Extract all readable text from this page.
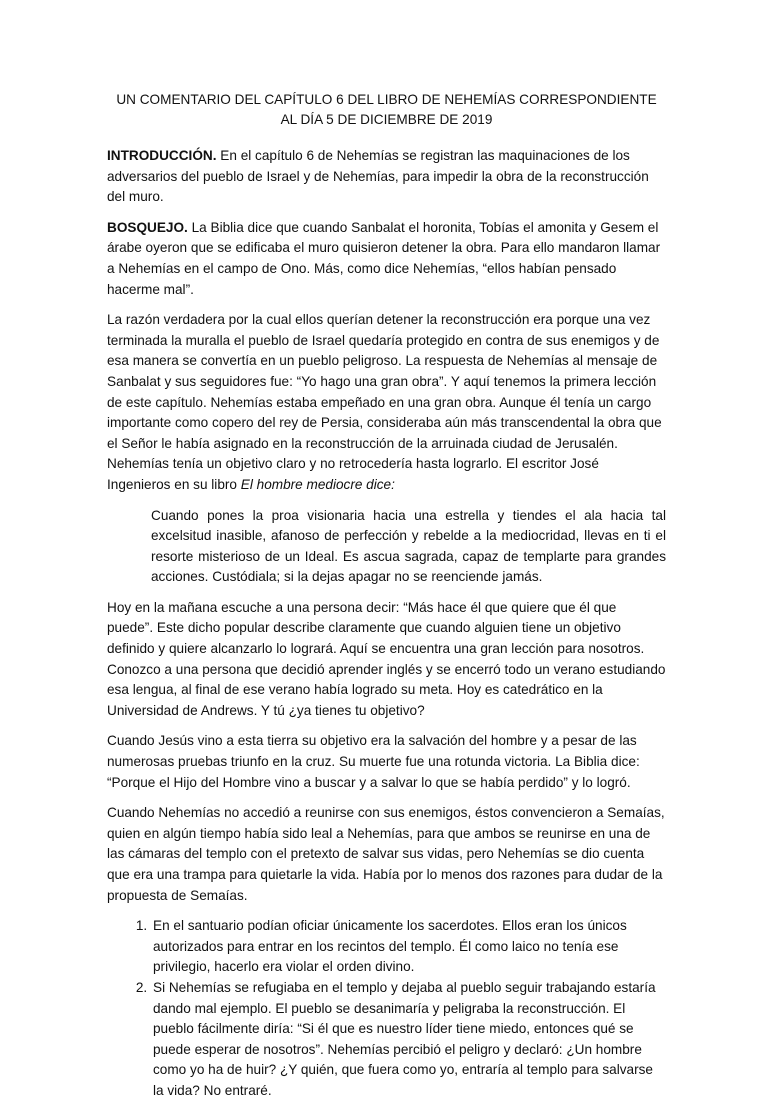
UN COMENTARIO DEL CAPÍTULO 6 DEL LIBRO DE NEHEMÍAS CORRESPONDIENTE AL DÍA 5 DE DICIEMBRE DE 2019

INTRODUCCIÓN. En el capítulo 6 de Nehemías se registran las maquinaciones de los adversarios del pueblo de Israel y de Nehemías, para impedir la obra de la reconstrucción del muro.

BOSQUEJO. La Biblia dice que cuando Sanbalat el horonita, Tobías el amonita y Gesem el árabe oyeron que se edificaba el muro quisieron detener la obra. Para ello mandaron llamar a Nehemías en el campo de Ono. Más, como dice Nehemías, “ellos habían pensado hacerme mal”.

La razón verdadera por la cual ellos querían detener la reconstrucción era porque una vez terminada la muralla el pueblo de Israel quedaría protegido en contra de sus enemigos y de esa manera se convertía en un pueblo peligroso. La respuesta de Nehemías al mensaje de Sanbalat y sus seguidores fue: “Yo hago una gran obra”. Y aquí tenemos la primera lección de este capítulo. Nehemías estaba empeñado en una gran obra. Aunque él tenía un cargo importante como copero del rey de Persia, consideraba aún más transcendental la obra que el Señor le había asignado en la reconstrucción de la arruinada ciudad de Jerusalén. Nehemías tenía un objetivo claro y no retrocedería hasta lograrlo. El escritor José Ingenieros en su libro El hombre mediocre dice:

Cuando pones la proa visionaria hacia una estrella y tiendes el ala hacia tal excelsitud inasible, afanoso de perfección y rebelde a la mediocridad, llevas en ti el resorte misterioso de un Ideal. Es ascua sagrada, capaz de templarte para grandes acciones. Custódiala; si la dejas apagar no se reenciende jamás.

Hoy en la mañana escuche a una persona decir: “Más hace él que quiere que él que puede”. Este dicho popular describe claramente que cuando alguien tiene un objetivo definido y quiere alcanzarlo lo logrará. Aquí se encuentra una gran lección para nosotros. Conozco a una persona que decidió aprender inglés y se encerró todo un verano estudiando esa lengua, al final de ese verano había logrado su meta. Hoy es catedrático en la Universidad de Andrews. Y tú ¿ya tienes tu objetivo?

Cuando Jesús vino a esta tierra su objetivo era la salvación del hombre y a pesar de las numerosas pruebas triunfo en la cruz. Su muerte fue una rotunda victoria. La Biblia dice: “Porque el Hijo del Hombre vino a buscar y a salvar lo que se había perdido” y lo logró.

Cuando Nehemías no accedió a reunirse con sus enemigos, éstos convencieron a Semaías, quien en algún tiempo había sido leal a Nehemías, para que ambos se reunirse en una de las cámaras del templo con el pretexto de salvar sus vidas, pero Nehemías se dio cuenta que era una trampa para quietarle la vida. Había por lo menos dos razones para dudar de la propuesta de Semaías.

1. En el santuario podían oficiar únicamente los sacerdotes. Ellos eran los únicos autorizados para entrar en los recintos del templo. Él como laico no tenía ese privilegio, hacerlo era violar el orden divino.
2. Si Nehemías se refugiaba en el templo y dejaba al pueblo seguir trabajando estaría dando mal ejemplo. El pueblo se desanimaría y peligraba la reconstrucción. El pueblo fácilmente diría: “Si él que es nuestro líder tiene miedo, entonces qué se puede esperar de nosotros”. Nehemías percibió el peligro y declaró: ¿Un hombre como yo ha de huir? ¿Y quién, que fuera como yo, entraría al templo para salvarse la vida? No entraré.
